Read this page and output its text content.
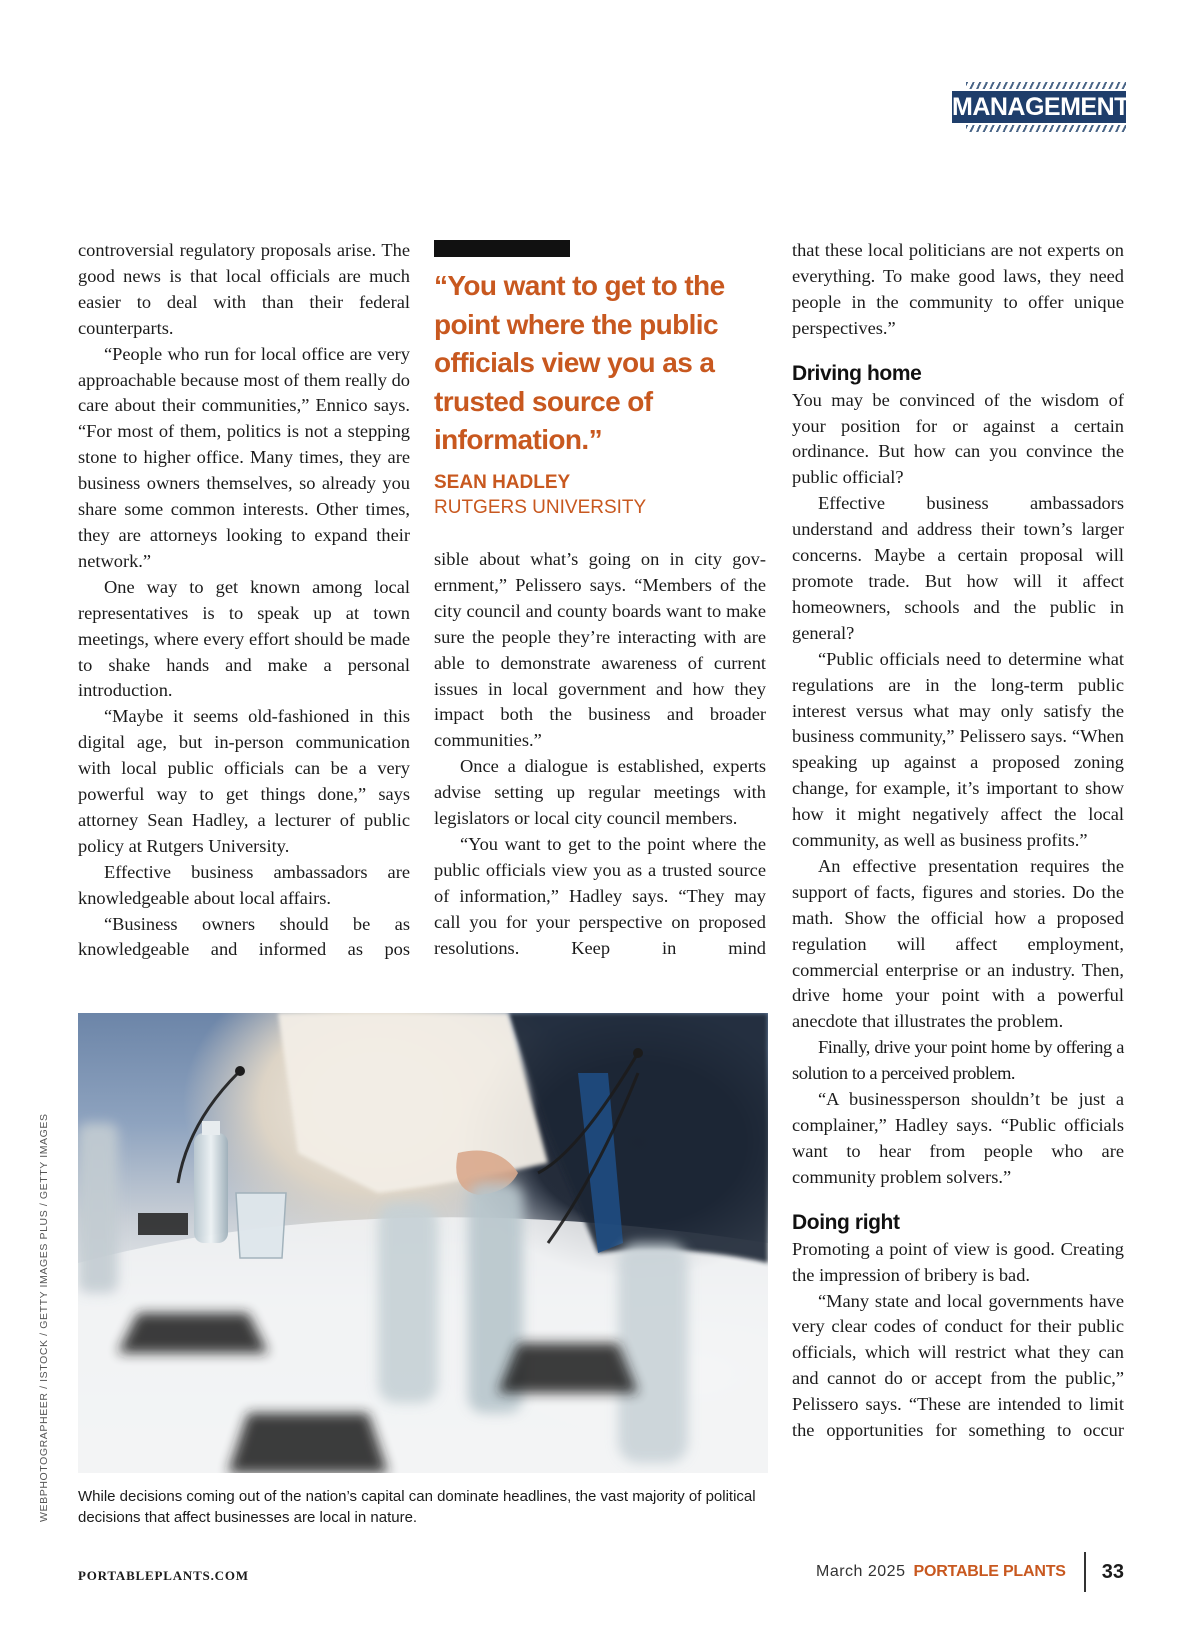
MANAGEMENT

controversial regulatory proposals arise. The good news is that local officials are much easier to deal with than their federal counterparts.

“People who run for local office are very approachable because most of them really do care about their communities,” Ennico says. “For most of them, politics is not a stepping stone to higher office. Many times, they are business owners themselves, so already you share some common interests. Other times, they are attorneys looking to expand their network.”

One way to get known among local representatives is to speak up at town meetings, where every effort should be made to shake hands and make a personal introduction.

“Maybe it seems old-fashioned in this digital age, but in-person communication with local public officials can be a very powerful way to get things done,” says attorney Sean Hadley, a lecturer of public policy at Rutgers University.

Effective business ambassadors are knowledgeable about local affairs.

“Business owners should be as knowledgeable and informed as pos

“You want to get to the point where the public officials view you as a trusted source of information.”

SEAN HADLEY
RUTGERS UNIVERSITY

sible about what’s going on in city government,” Pelissero says. “Members of the city council and county boards want to make sure the people they’re interacting with are able to demonstrate awareness of current issues in local government and how they impact both the business and broader communities.”

Once a dialogue is established, experts advise setting up regular meetings with legislators or local city council members.

“You want to get to the point where the public officials view you as a trusted source of information,” Hadley says. “They may call you for your perspective on proposed resolutions. Keep in mind

that these local politicians are not experts on everything. To make good laws, they need people in the community to offer unique perspectives.”

Driving home

You may be convinced of the wisdom of your position for or against a certain ordinance. But how can you convince the public official?

Effective business ambassadors understand and address their town’s larger concerns. Maybe a certain proposal will promote trade. But how will it affect homeowners, schools and the public in general?

“Public officials need to determine what regulations are in the long-term public interest versus what may only satisfy the business community,” Pelissero says. “When speaking up against a proposed zoning change, for example, it’s important to show how it might negatively affect the local community, as well as business profits.”

An effective presentation requires the support of facts, figures and stories. Do the math. Show the official how a proposed regulation will affect employment, commercial enterprise or an industry. Then, drive home your point with a powerful anecdote that illustrates the problem.

Finally, drive your point home by offering a solution to a perceived problem.

“A businessperson shouldn’t be just a complainer,” Hadley says. “Public officials want to hear from people who are community problem solvers.”

Doing right

Promoting a point of view is good. Creating the impression of bribery is bad.

“Many state and local governments have very clear codes of conduct for their public officials, which will restrict what they can and cannot do or accept from the public,” Pelissero says. “These are intended to limit the opportunities for something to occur

While decisions coming out of the nation’s capital can dominate headlines, the vast majority of political decisions that affect businesses are local in nature.
WEBPHOTOGRAPHEER / ISTOCK / GETTY IMAGES PLUS / GETTY IMAGES
PORTABLEPLANTS.COM	March 2025 PORTABLE PLANTS 33
